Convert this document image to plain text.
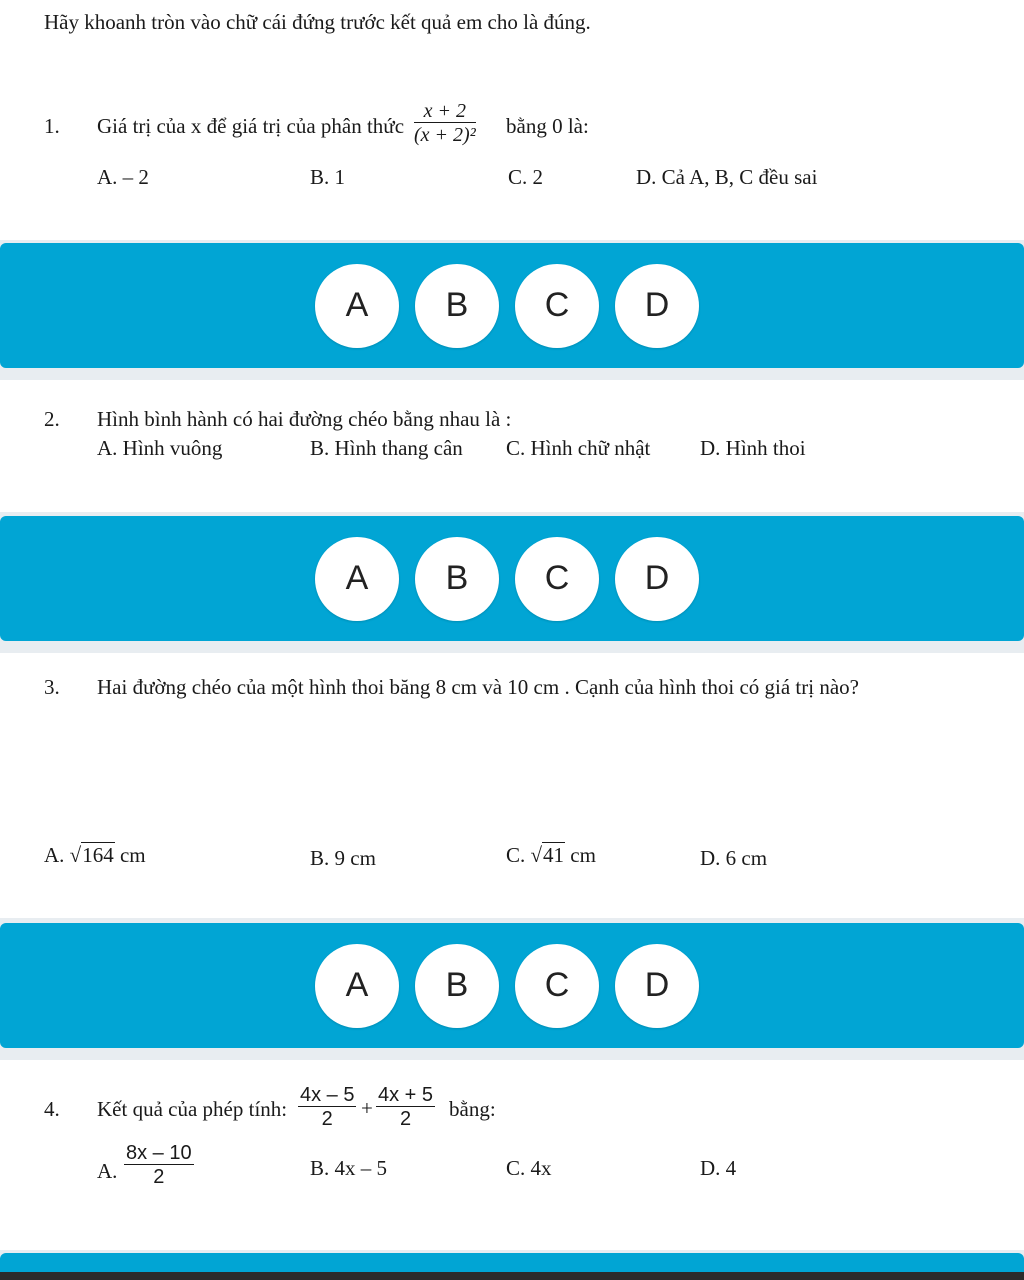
Hãy khoanh tròn vào chữ cái đứng trước kết quả em cho là đúng.
1. Giá trị của x để giá trị của phân thức $\frac{x + 2}{\text{(x + 2)²}}$ bằng 0 là:
A. – 2	B. 1	C. 2	D. Cả A, B, C đều sai
A	B	C	D
2. Hình bình hành có hai đường chéo bằng nhau là :
A. Hình vuông	B. Hình thang cân C. Hình chữ nhật D. Hình thoi
A	B	C	D
3. Hai đường chéo của một hình thoi băng 8 cm và 10 cm . Cạnh của hình thoi có giá trị nào?
A. √164 cm	B. 9 cm	C. √41 cm	D. 6 cm
A	B	C	D
4. Kết quả của phép tính: $\frac{4x - 5}{2} + \frac{4x + 5}{2}$ bằng:
A. $\frac{8x - 10}{2}$	B. 4x – 5	C. 4x	D. 4
